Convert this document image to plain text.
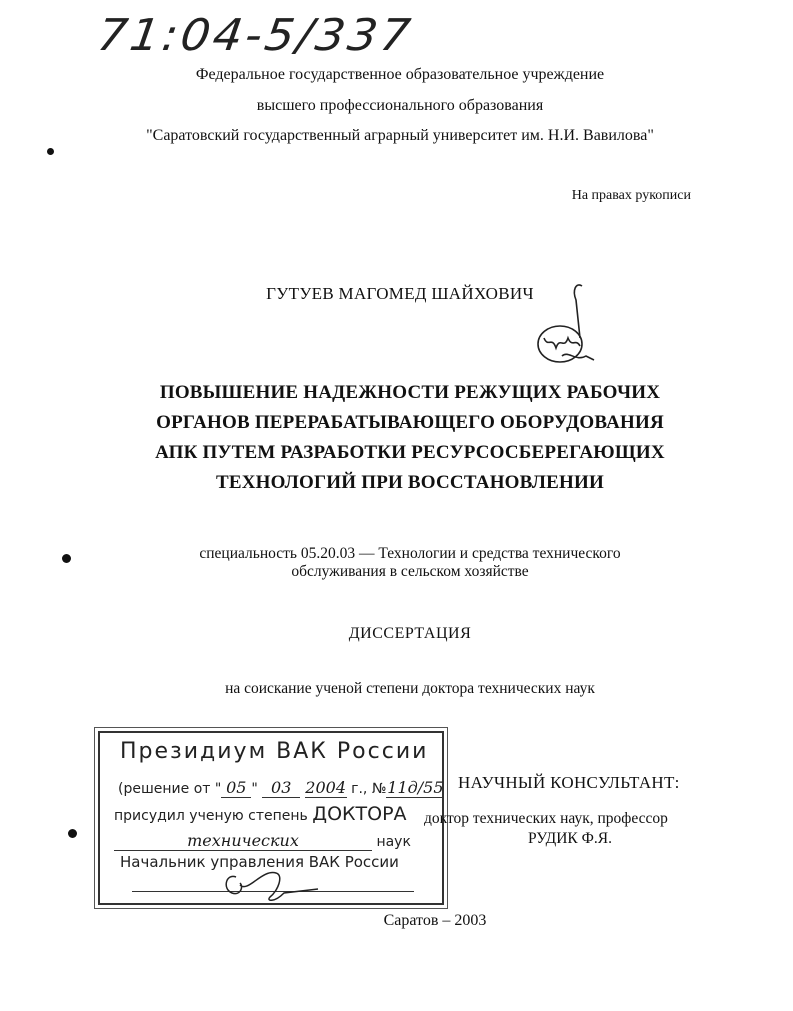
71:04-5/337
Федеральное государственное образовательное учреждение
высшего профессионального образования
"Саратовский государственный аграрный университет им. Н.И. Вавилова"
На правах рукописи
ГУТУЕВ МАГОМЕД ШАЙХОВИЧ
ПОВЫШЕНИЕ НАДЕЖНОСТИ РЕЖУЩИХ РАБОЧИХ
ОРГАНОВ ПЕРЕРАБАТЫВАЮЩЕГО ОБОРУДОВАНИЯ
АПК ПУТЕМ РАЗРАБОТКИ РЕСУРСОСБЕРЕГАЮЩИХ
ТЕХНОЛОГИЙ ПРИ ВОССТАНОВЛЕНИИ
специальность 05.20.03 — Технологии и средства технического
обслуживания в сельском хозяйстве
ДИССЕРТАЦИЯ
на соискание ученой степени доктора технических наук
Президиум ВАК России
(решение от " 05 " 03 2004 г., №11д/55
присудил ученую степень ДОКТОРА
технических	наук
Начальник управления ВАК России
НАУЧНЫЙ КОНСУЛЬТАНТ:
доктор технических наук, профессор
РУДИК Ф.Я.
Саратов – 2003
